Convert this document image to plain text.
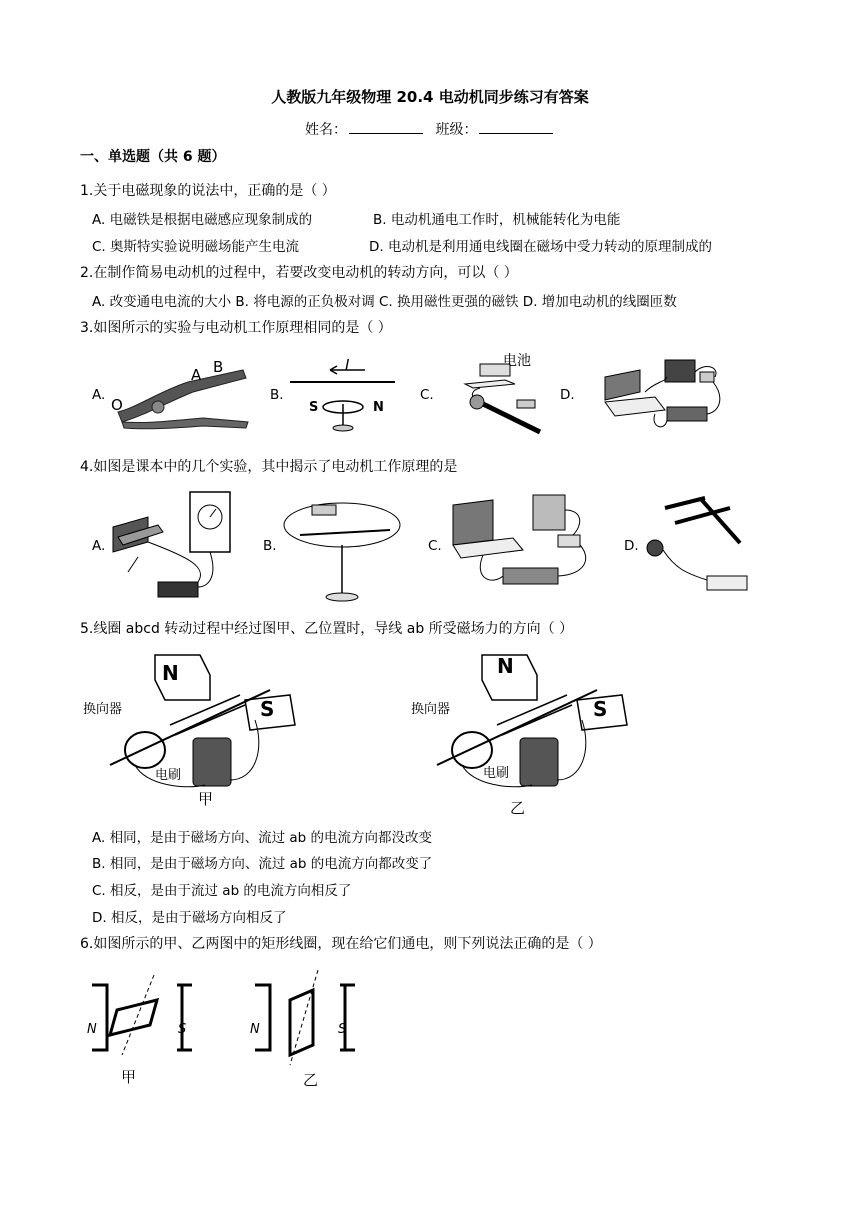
人教版九年级物理 20.4 电动机同步练习有答案
姓名：	班级：
一、单选题（共 6 题）
1.关于电磁现象的说法中，正确的是（ ）
A. 电磁铁是根据电磁感应现象制成的	B. 电动机通电工作时，机械能转化为电能
C. 奥斯特实验说明磁场能产生电流	D. 电动机是利用通电线圈在磁场中受力转动的原理制成的
2.在制作简易电动机的过程中，若要改变电动机的转动方向，可以（ ）
A. 改变通电电流的大小 B. 将电源的正负极对调 C. 换用磁性更强的磁铁 D. 增加电动机的线圈匝数
3.如图所示的实验与电动机工作原理相同的是（ ）
A.	B.	C.	D.
O
A B	I
S	N
电池
4.如图是课本中的几个实验，其中揭示了电动机工作原理的是
A.	B.	C.	D.
5.线圈 abcd 转动过程中经过图甲、乙位置时，导线 ab 所受磁场力的方向（ ）
N
S
换向器
电刷
甲
N
S
换向器
电刷
乙
A. 相同，是由于磁场方向、流过 ab 的电流方向都没改变
B. 相同，是由于磁场方向、流过 ab 的电流方向都改变了
C. 相反，是由于流过 ab 的电流方向相反了
D. 相反，是由于磁场方向相反了
6.如图所示的甲、乙两图中的矩形线圈，现在给它们通电，则下列说法正确的是（ ）
N	S
甲
N	S
乙
